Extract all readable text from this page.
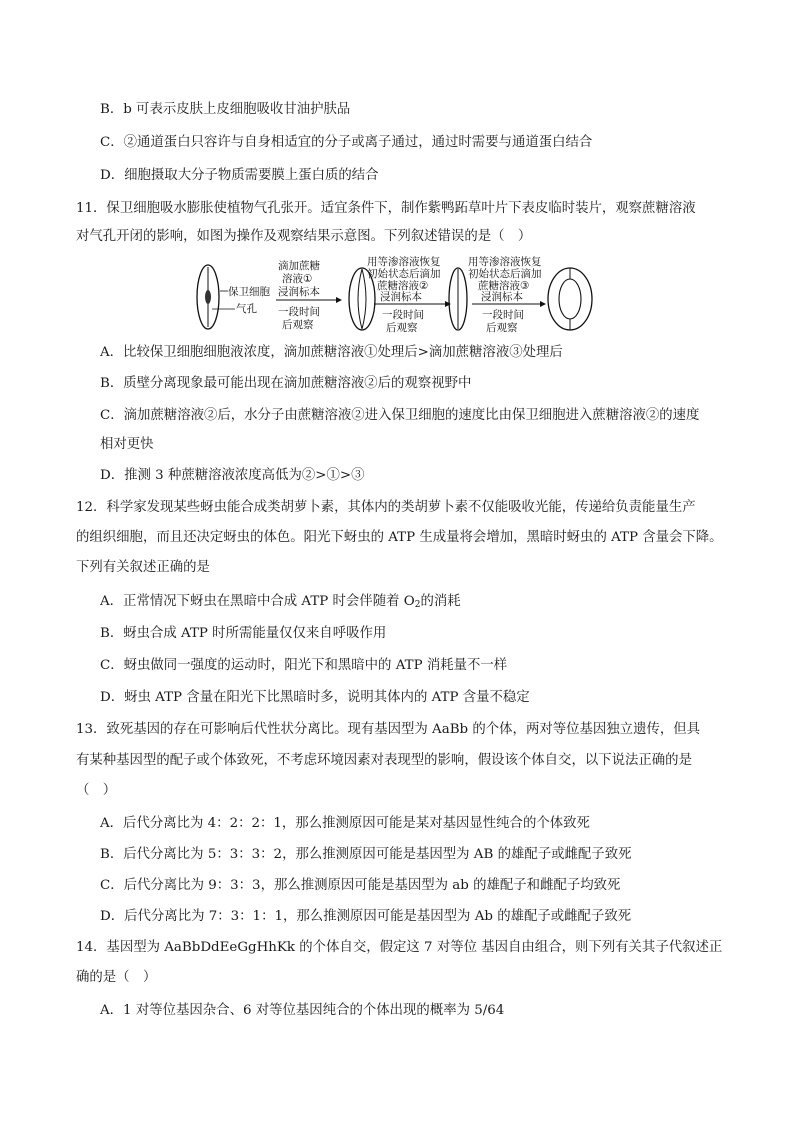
B．b 可表示皮肤上皮细胞吸收甘油护肤品
C．②通道蛋白只容许与自身相适宜的分子或离子通过，通过时需要与通道蛋白结合
D．细胞摄取大分子物质需要膜上蛋白质的结合
11．保卫细胞吸水膨胀使植物气孔张开。适宜条件下，制作紫鸭跖草叶片下表皮临时装片，观察蔗糖溶液
对气孔开闭的影响，如图为操作及观察结果示意图。下列叙述错误的是（　）
保卫细胞
气孔
滴加蔗糖
溶液①
浸润标本
一段时间
后观察
用等渗溶液恢复
初始状态后滴加
蔗糖溶液②
浸润标本
一段时间
后观察
用等渗溶液恢复
初始状态后滴加
蔗糖溶液③
浸润标本
一段时间
后观察
A．比较保卫细胞细胞液浓度，滴加蔗糖溶液①处理后>滴加蔗糖溶液③处理后
B．质壁分离现象最可能出现在滴加蔗糖溶液②后的观察视野中
C．滴加蔗糖溶液②后，水分子由蔗糖溶液②进入保卫细胞的速度比由保卫细胞进入蔗糖溶液②的速度
相对更快
D．推测 3 种蔗糖溶液浓度高低为②>①>③
12．科学家发现某些蚜虫能合成类胡萝卜素，其体内的类胡萝卜素不仅能吸收光能，传递给负责能量生产
的组织细胞，而且还决定蚜虫的体色。阳光下蚜虫的 ATP 生成量将会增加，黑暗时蚜虫的 ATP 含量会下降。
下列有关叙述正确的是
A．正常情况下蚜虫在黑暗中合成 ATP 时会伴随着 $O_2$的消耗
B．蚜虫合成 ATP 时所需能量仅仅来自呼吸作用
C．蚜虫做同一强度的运动时，阳光下和黑暗中的 ATP 消耗量不一样
D．蚜虫 ATP 含量在阳光下比黑暗时多，说明其体内的 ATP 含量不稳定
13．致死基因的存在可影响后代性状分离比。现有基因型为 AaBb 的个体，两对等位基因独立遗传，但具
有某种基因型的配子或个体致死，不考虑环境因素对表现型的影响，假设该个体自交，以下说法正确的是
（　）
A．后代分离比为 4：2：2：1，那么推测原因可能是某对基因显性纯合的个体致死
B．后代分离比为 5：3：3：2，那么推测原因可能是基因型为 AB 的雄配子或雌配子致死
C．后代分离比为 9：3：3，那么推测原因可能是基因型为 ab 的雄配子和雌配子均致死
D．后代分离比为 7：3：1：1，那么推测原因可能是基因型为 Ab 的雄配子或雌配子致死
14．基因型为 AaBbDdEeGgHhKk 的个体自交，假定这 7 对等位 基因自由组合，则下列有关其子代叙述正
确的是（　）
A．1 对等位基因杂合、6 对等位基因纯合的个体出现的概率为 5/64
